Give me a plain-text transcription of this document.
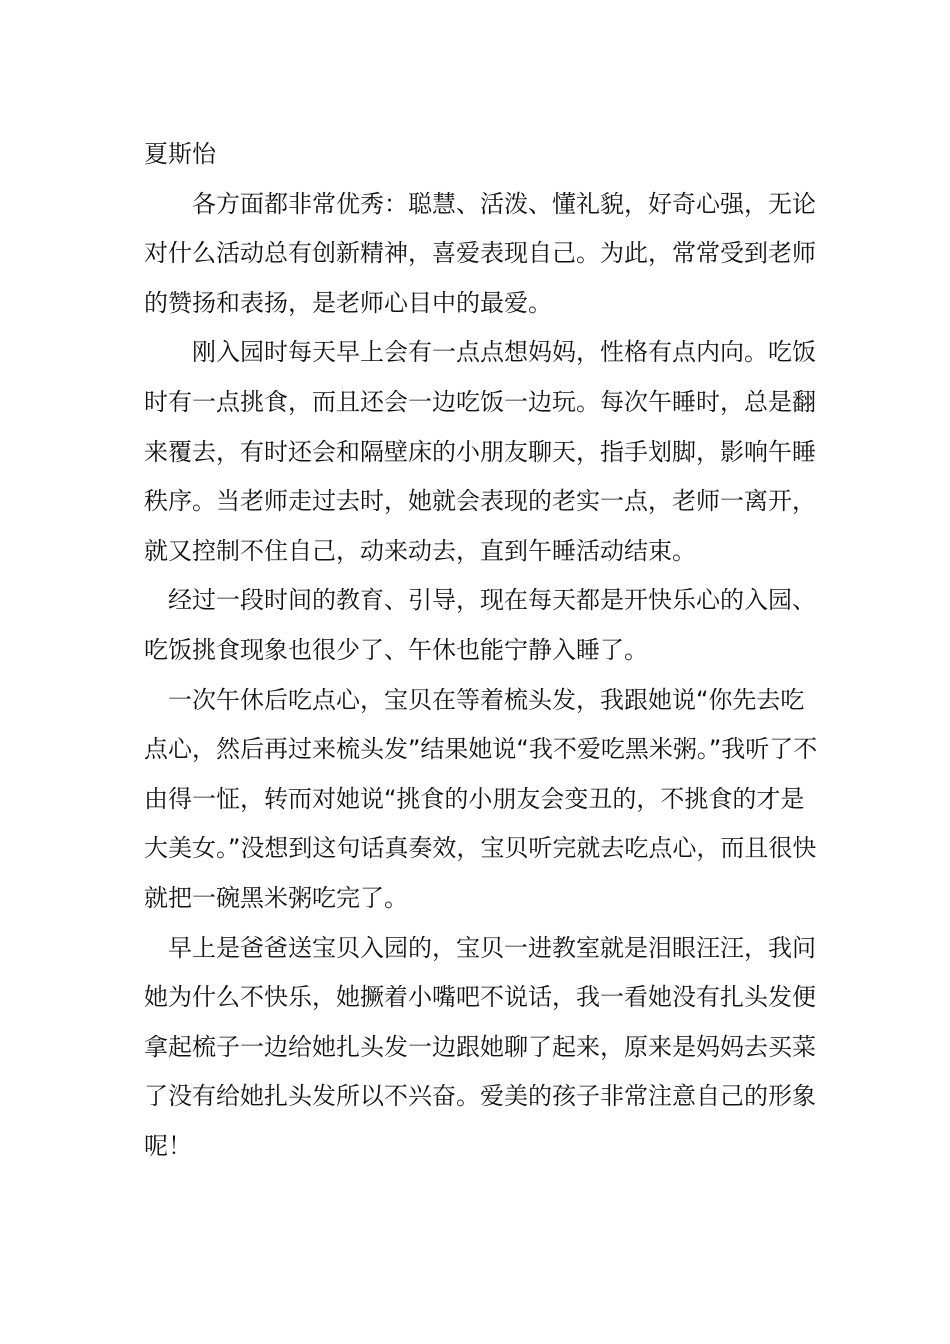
夏斯怡

各方面都非常优秀：聪慧、活泼、懂礼貌，好奇心强，无论对什么活动总有创新精神，喜爱表现自己。为此，常常受到老师的赞扬和表扬，是老师心目中的最爱。

刚入园时每天早上会有一点点想妈妈，性格有点内向。吃饭时有一点挑食，而且还会一边吃饭一边玩。每次午睡时，总是翻来覆去，有时还会和隔壁床的小朋友聊天，指手划脚，影响午睡秩序。当老师走过去时，她就会表现的老实一点，老师一离开，就又控制不住自己，动来动去，直到午睡活动结束。

经过一段时间的教育、引导，现在每天都是开快乐心的入园、吃饭挑食现象也很少了、午休也能宁静入睡了。

一次午休后吃点心，宝贝在等着梳头发，我跟她说“你先去吃点心，然后再过来梳头发”结果她说“我不爱吃黑米粥。”我听了不由得一怔，转而对她说“挑食的小朋友会变丑的，不挑食的才是大美女。”没想到这句话真奏效，宝贝听完就去吃点心，而且很快就把一碗黑米粥吃完了。

早上是爸爸送宝贝入园的，宝贝一进教室就是泪眼汪汪，我问她为什么不快乐，她撅着小嘴吧不说话，我一看她没有扎头发便拿起梳子一边给她扎头发一边跟她聊了起来，原来是妈妈去买菜了没有给她扎头发所以不兴奋。爱美的孩子非常注意自己的形象呢！
